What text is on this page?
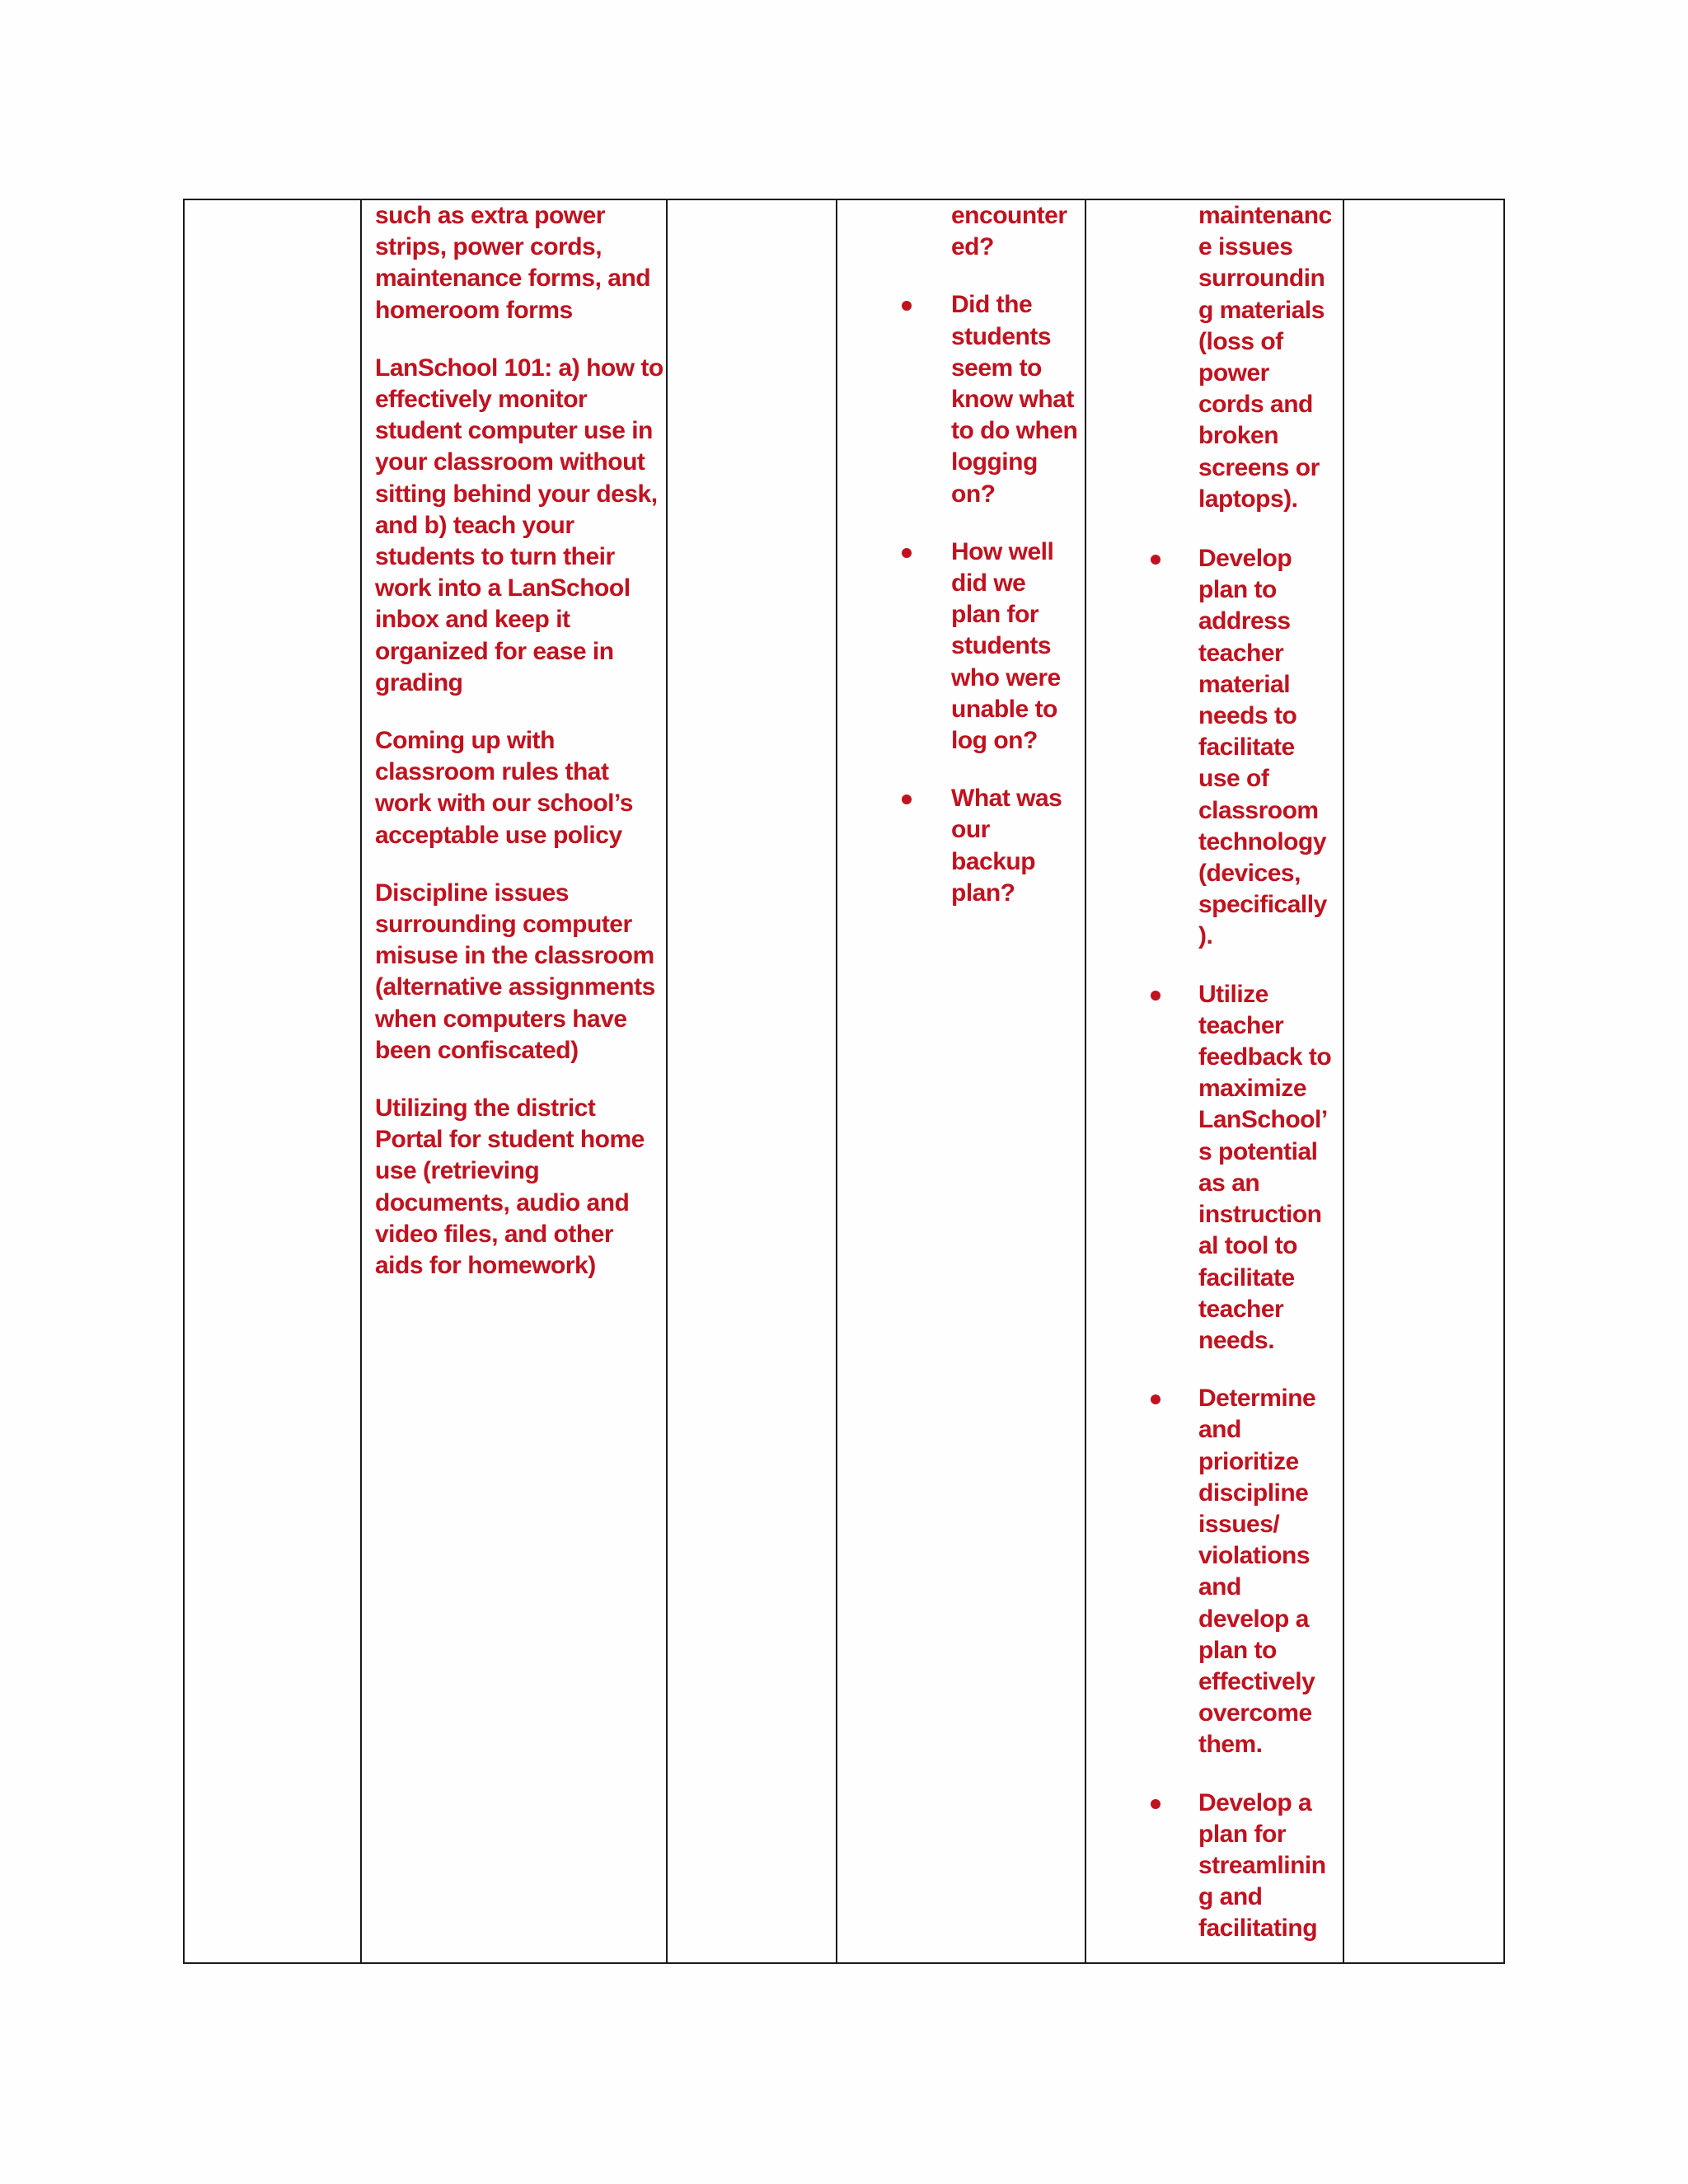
such as extra power
strips, power cords,
maintenance forms, and
homeroom forms

LanSchool 101: a) how to
effectively monitor
student computer use in
your classroom without
sitting behind your desk,
and b) teach your
students to turn their
work into a LanSchool
inbox and keep it
organized for ease in
grading

Coming up with
classroom rules that
work with our school’s
acceptable use policy

Discipline issues
surrounding computer
misuse in the classroom
(alternative assignments
when computers have
been confiscated)

Utilizing the district
Portal for student home
use (retrieving
documents, audio and
video files, and other
aids for homework)

encounter
ed?
Did the
students
seem to
know what
to do when
logging
on?
How well
did we
plan for
students
who were
unable to
log on?
What was
our
backup
plan?
maintenanc
e issues
surroundin
g materials
(loss of
power
cords and
broken
screens or
laptops).
Develop
plan to
address
teacher
material
needs to
facilitate
use of
classroom
technology
(devices,
specifically
).
Utilize
teacher
feedback to
maximize
LanSchool’
s potential
as an
instruction
al tool to
facilitate
teacher
needs.
Determine
and
prioritize
discipline
issues/
violations
and
develop a
plan to
effectively
overcome
them.
Develop a
plan for
streamlinin
g and
facilitating
